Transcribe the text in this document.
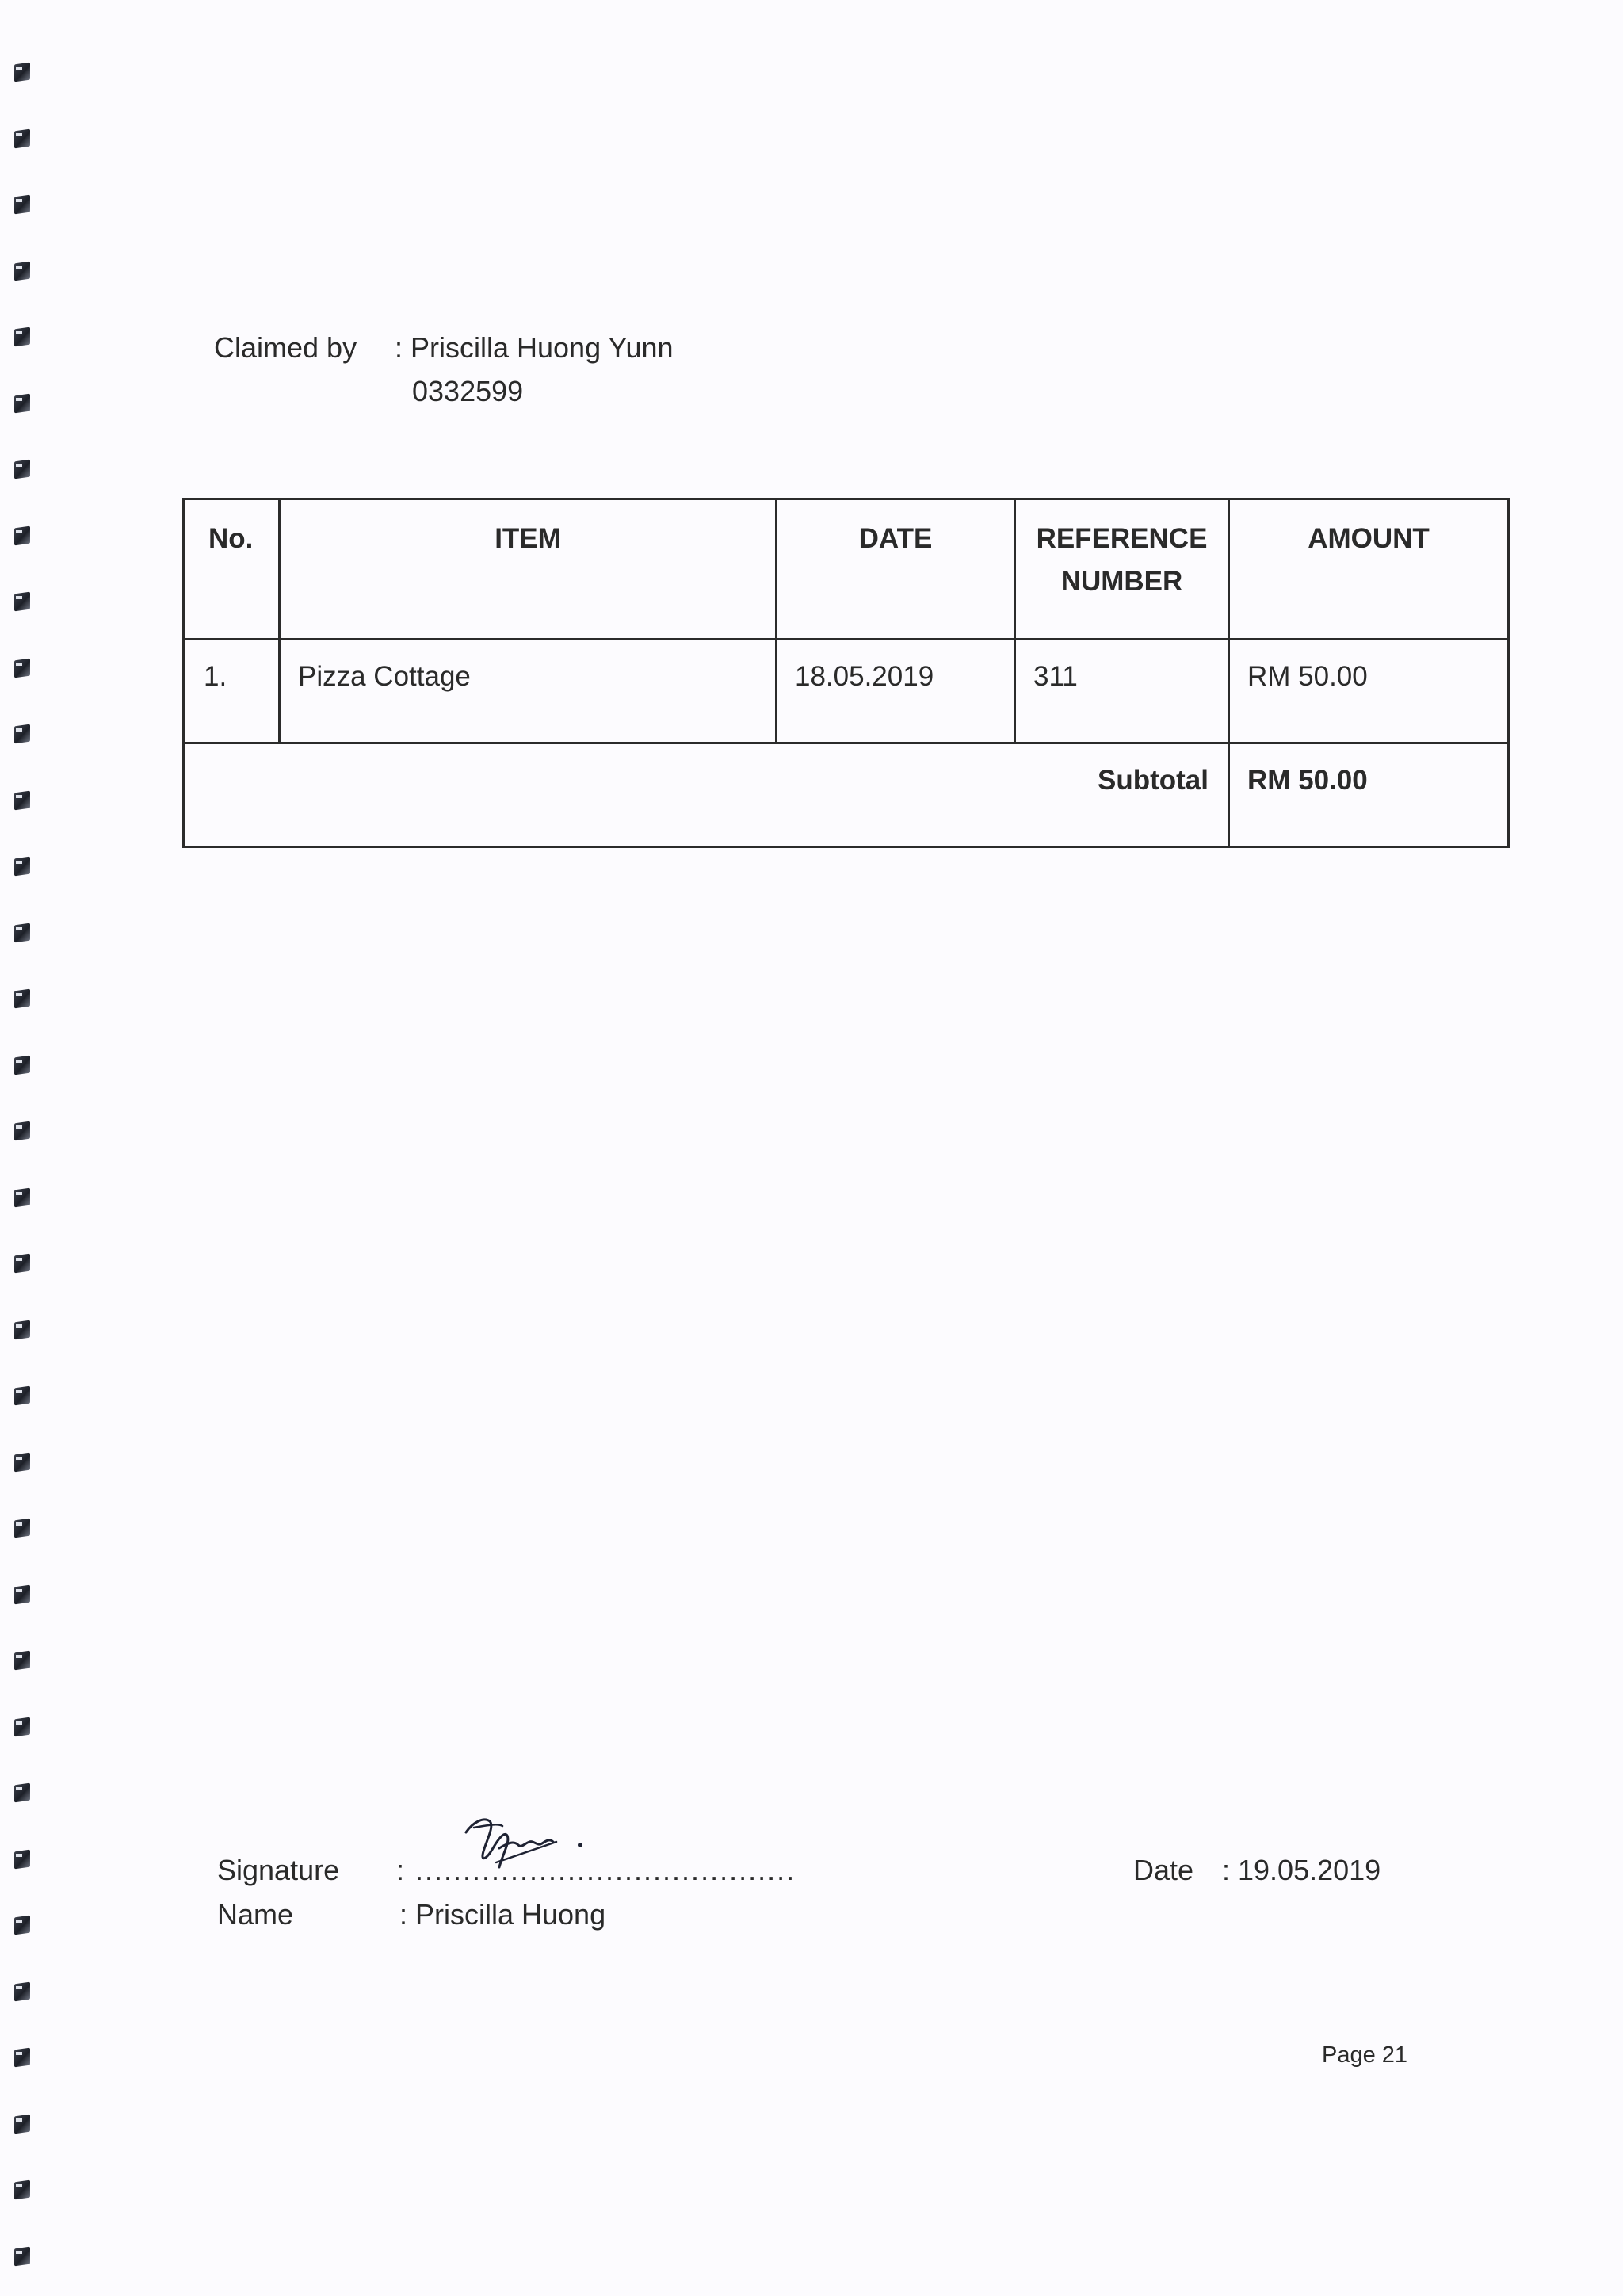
Claimed by : Priscilla Huong Yunn
0332599
No.	ITEM	DATE	REFERENCE NUMBER	AMOUNT
1.	Pizza Cottage	18.05.2019	311	RM 50.00
Subtotal				RM 50.00
Signature : ........................................
Name	: Priscilla Huong
Date : 19.05.2019
Page 21
